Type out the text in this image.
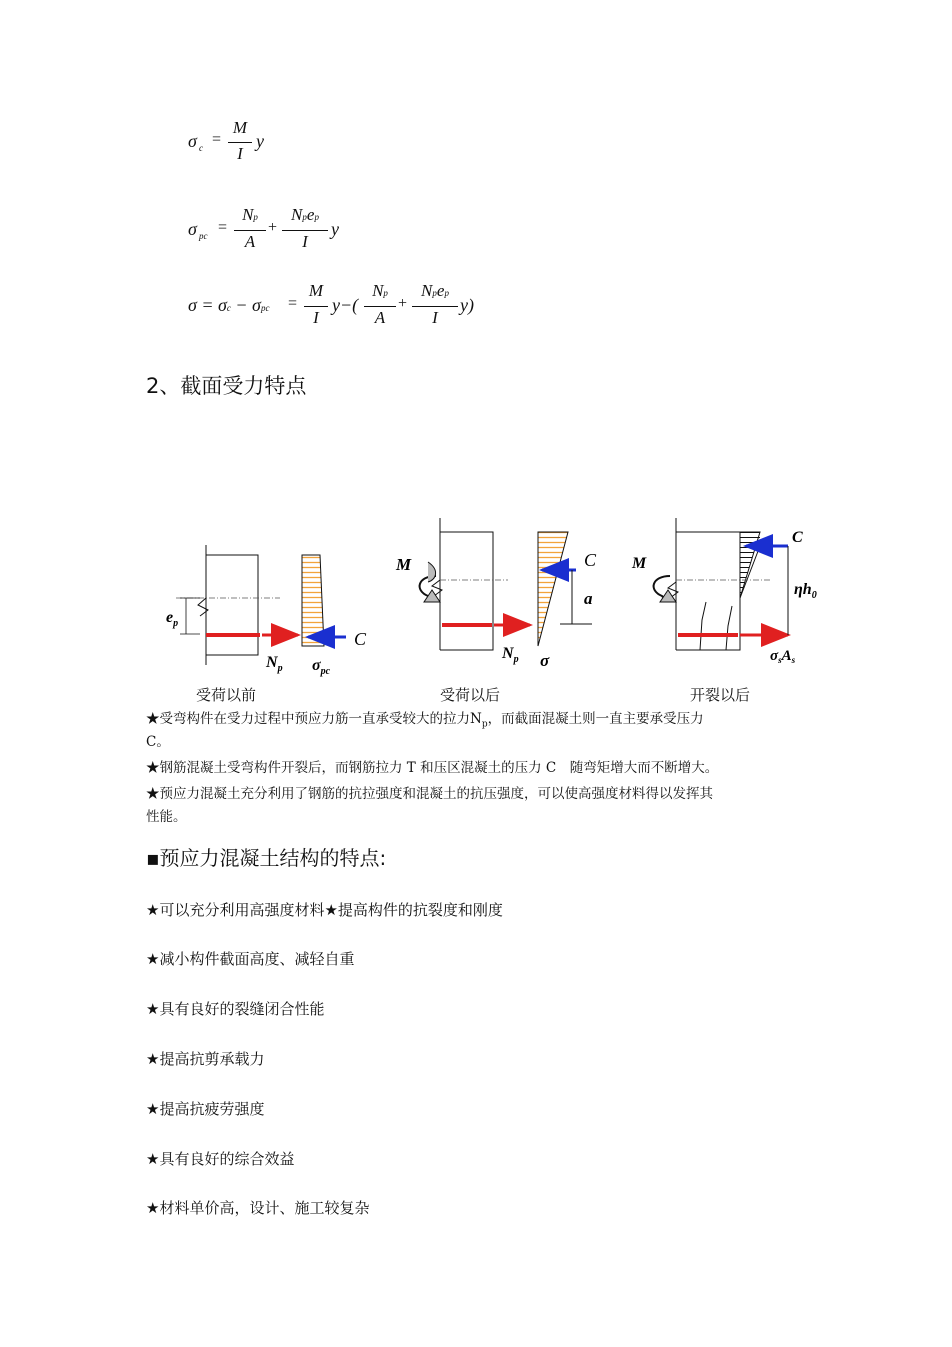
σ c =
M
I
y
σ pc =
Np
A
+
Npep
I
y
σ = σc − σpc =
M
I
y−(
Np
A
+
Npep
I
y)
2、截面受力特点
$e_p$
$N_p$ $\sigma_{pc}$
C
M	C
a
$N_p$ σ
M
C
$\eta h_0$
$\sigma_sA_s$
受荷以前	受荷以后	开裂以后
★受弯构件在受力过程中预应力筋一直承受较大的拉力$N_p$，而截面混凝土则一直主要承受压力
C。
★钢筋混凝土受弯构件开裂后，而钢筋拉力 T 和压区混凝土的压力 C　随弯矩增大而不断增大。
★预应力混凝土充分利用了钢筋的抗拉强度和混凝土的抗压强度，可以使高强度材料得以发挥其
性能。
▪预应力混凝土结构的特点:
★可以充分利用高强度材料★提高构件的抗裂度和刚度
★减小构件截面高度、减轻自重
★具有良好的裂缝闭合性能
★提高抗剪承载力
★提高抗疲劳强度
★具有良好的综合效益
★材料单价高，设计、施工较复杂
